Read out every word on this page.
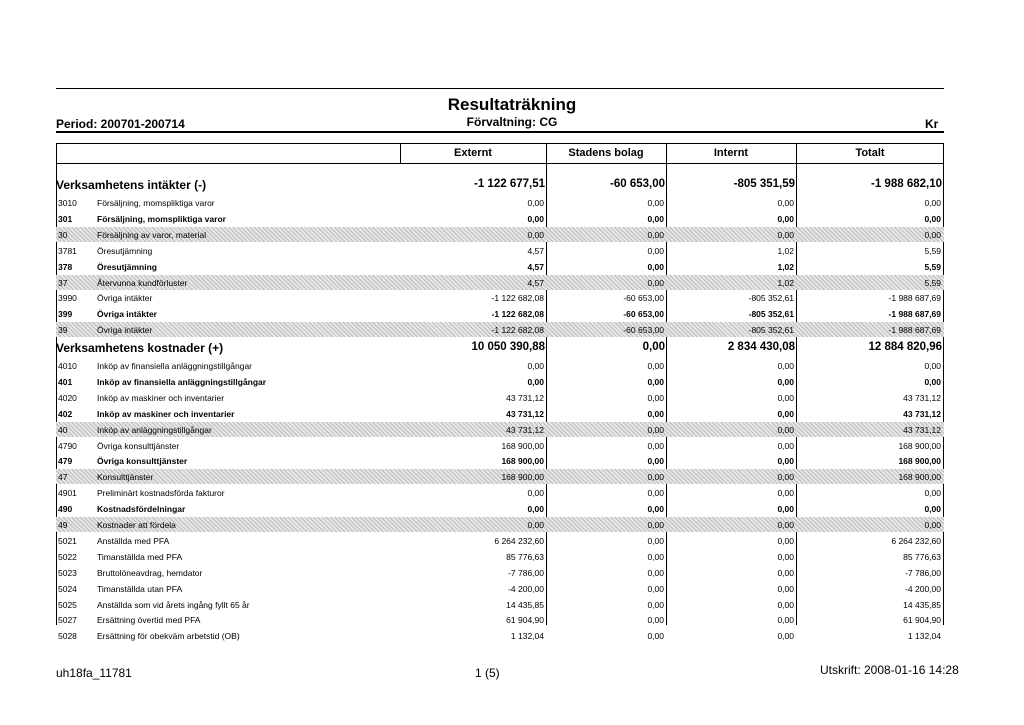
Resultaträkning
Period: 200701-200714	Förvaltning: CG	Kr
Externt	Stadens bolag	Internt	Totalt
Verksamhetens intäkter (-)	-1 122 677,51	-60 653,00	-805 351,59	-1 988 682,10
3010 Försäljning, momspliktiga varor	0,00	0,00	0,00	0,00
301	Försäljning, momspliktiga varor	0,00	0,00	0,00	0,00
30	Försäljning av varor, material	0,00	0,00	0,00	0,00
3781 Öresutjämning	4,57	0,00	1,02	5,59
378	Öresutjämning	4,57	0,00	1,02	5,59
37	Återvunna kundförluster	4,57	0,00	1,02	5,59
3990 Övriga intäkter	-1 122 682,08	-60 653,00	-805 352,61	-1 988 687,69
399	Övriga intäkter	-1 122 682,08	-60 653,00	-805 352,61	-1 988 687,69
39	Övriga intäkter	-1 122 682,08	-60 653,00	-805 352,61	-1 988 687,69
Verksamhetens kostnader (+)	10 050 390,88	0,00	2 834 430,08	12 884 820,96
4010 Inköp av finansiella anläggningstillgångar	0,00	0,00	0,00	0,00
401	Inköp av finansiella anläggningstillgångar	0,00	0,00	0,00	0,00
4020 Inköp av maskiner och inventarier	43 731,12	0,00	0,00	43 731,12
402	Inköp av maskiner och inventarier	43 731,12	0,00	0,00	43 731,12
40	Inköp av anläggningstillgångar	43 731,12	0,00	0,00	43 731,12
4790 Övriga konsulttjänster	168 900,00	0,00	0,00	168 900,00
479	Övriga konsulttjänster	168 900,00	0,00	0,00	168 900,00
47	Konsulttjänster	168 900,00	0,00	0,00	168 900,00
4901 Preliminärt kostnadsförda fakturor	0,00	0,00	0,00	0,00
490	Kostnadsfördelningar	0,00	0,00	0,00	0,00
49	Kostnader att fördela	0,00	0,00	0,00	0,00
5021 Anställda med PFA	6 264 232,60	0,00	0,00	6 264 232,60
5022 Timanställda med PFA	85 776,63	0,00	0,00	85 776,63
5023 Bruttolöneavdrag, hemdator	-7 786,00	0,00	0,00	-7 786,00
5024 Timanställda utan PFA	-4 200,00	0,00	0,00	-4 200,00
5025 Anställda som vid årets ingång fyllt 65 år	14 435,85	0,00	0,00	14 435,85
5027 Ersättning övertid med PFA	61 904,90	0,00	0,00	61 904,90
5028 Ersättning för obekväm arbetstid (OB)	1 132,04	0,00	0,00	1 132,04
uh18fa_11781	1 (5)	Utskrift: 2008-01-16 14:28
